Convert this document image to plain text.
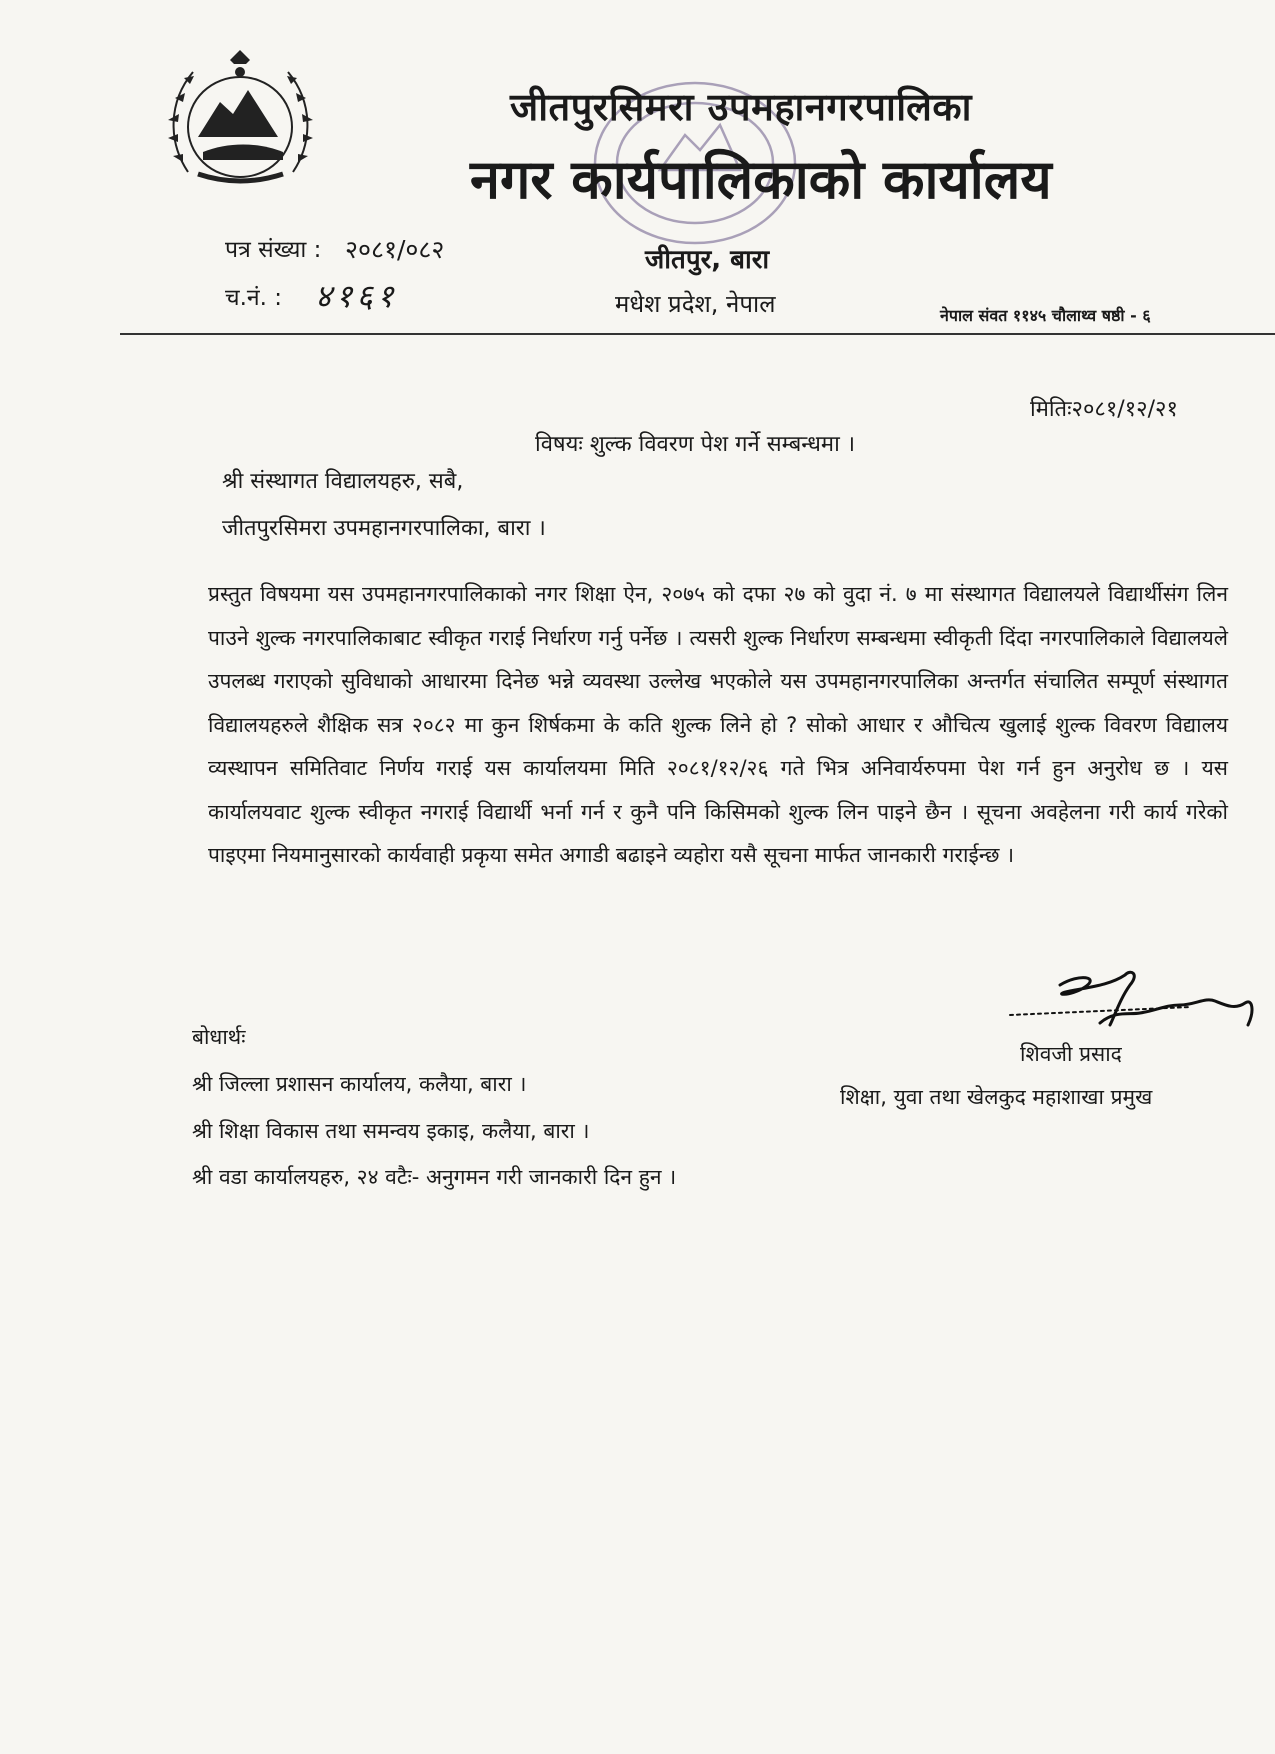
जीतपुरसिमरा उपमहानगरपालिका
नगर कार्यपालिकाको कार्यालय
जीतपुर, बारा
मधेश प्रदेश, नेपाल
पत्र संख्या : २०८१/०८२
च.नं. : ४१६१
नेपाल संवत ११४५ चौलाथ्व षष्ठी - ६
मितिः२०८१/१२/२१
विषयः शुल्क विवरण पेश गर्ने सम्बन्धमा ।
श्री संस्थागत विद्यालयहरु, सबै,
जीतपुरसिमरा उपमहानगरपालिका, बारा ।
प्रस्तुत विषयमा यस उपमहानगरपालिकाको नगर शिक्षा ऐन, २०७५ को दफा २७ को वुदा नं. ७ मा संस्थागत विद्यालयले विद्यार्थीसंग लिन पाउने शुल्क नगरपालिकाबाट स्वीकृत गराई निर्धारण गर्नु पर्नेछ । त्यसरी शुल्क निर्धारण सम्बन्धमा स्वीकृती दिंदा नगरपालिकाले विद्यालयले उपलब्ध गराएको सुविधाको आधारमा दिनेछ भन्ने व्यवस्था उल्लेख भएकोले यस उपमहानगरपालिका अन्तर्गत संचालित सम्पूर्ण संस्थागत विद्यालयहरुले शैक्षिक सत्र २०८२ मा कुन शिर्षकमा के कति शुल्क लिने हो ? सोको आधार र औचित्य खुलाई शुल्क विवरण विद्यालय व्यस्थापन समितिवाट निर्णय गराई यस कार्यालयमा मिति २०८१/१२/२६ गते भित्र अनिवार्यरुपमा पेश गर्न हुन अनुरोध छ । यस कार्यालयवाट शुल्क स्वीकृत नगराई विद्यार्थी भर्ना गर्न र कुनै पनि किसिमको शुल्क लिन पाइने छैन । सूचना अवहेलना गरी कार्य गरेको पाइएमा नियमानुसारको कार्यवाही प्रकृया समेत अगाडी बढाइने व्यहोरा यसै सूचना मार्फत जानकारी गराईन्छ ।
शिवजी प्रसाद
शिक्षा, युवा तथा खेलकुद महाशाखा प्रमुख
बोधार्थः
श्री जिल्ला प्रशासन कार्यालय, कलैया, बारा ।
श्री शिक्षा विकास तथा समन्वय इकाइ, कलैया, बारा ।
श्री वडा कार्यालयहरु, २४ वटैः- अनुगमन गरी जानकारी दिन हुन ।
